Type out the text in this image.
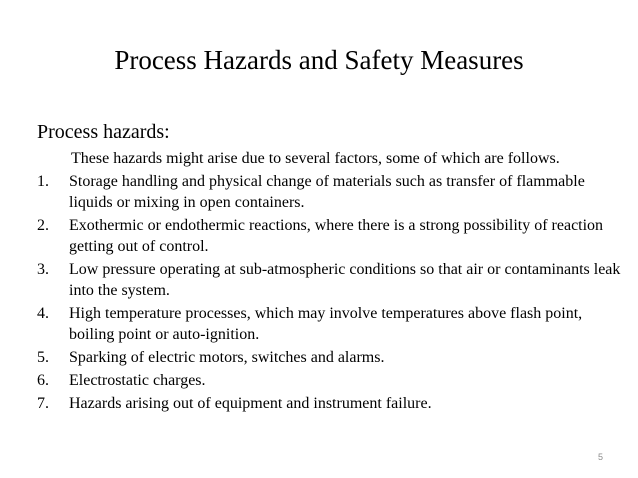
Process Hazards and Safety Measures
Process hazards:
These hazards might arise due to several factors, some of which are follows.
1.	Storage handling and physical change of materials such as transfer of flammable liquids or mixing in open containers.
2.	Exothermic or endothermic reactions, where there is a strong possibility of reaction getting out of control.
3.	Low pressure operating at sub-atmospheric conditions so that air or contaminants leak into the system.
4.	High temperature processes, which may involve temperatures above flash point, boiling point or auto-ignition.
5.	Sparking of electric motors, switches and alarms.
6.	Electrostatic charges.
7.	Hazards arising out of equipment and instrument failure.
5
